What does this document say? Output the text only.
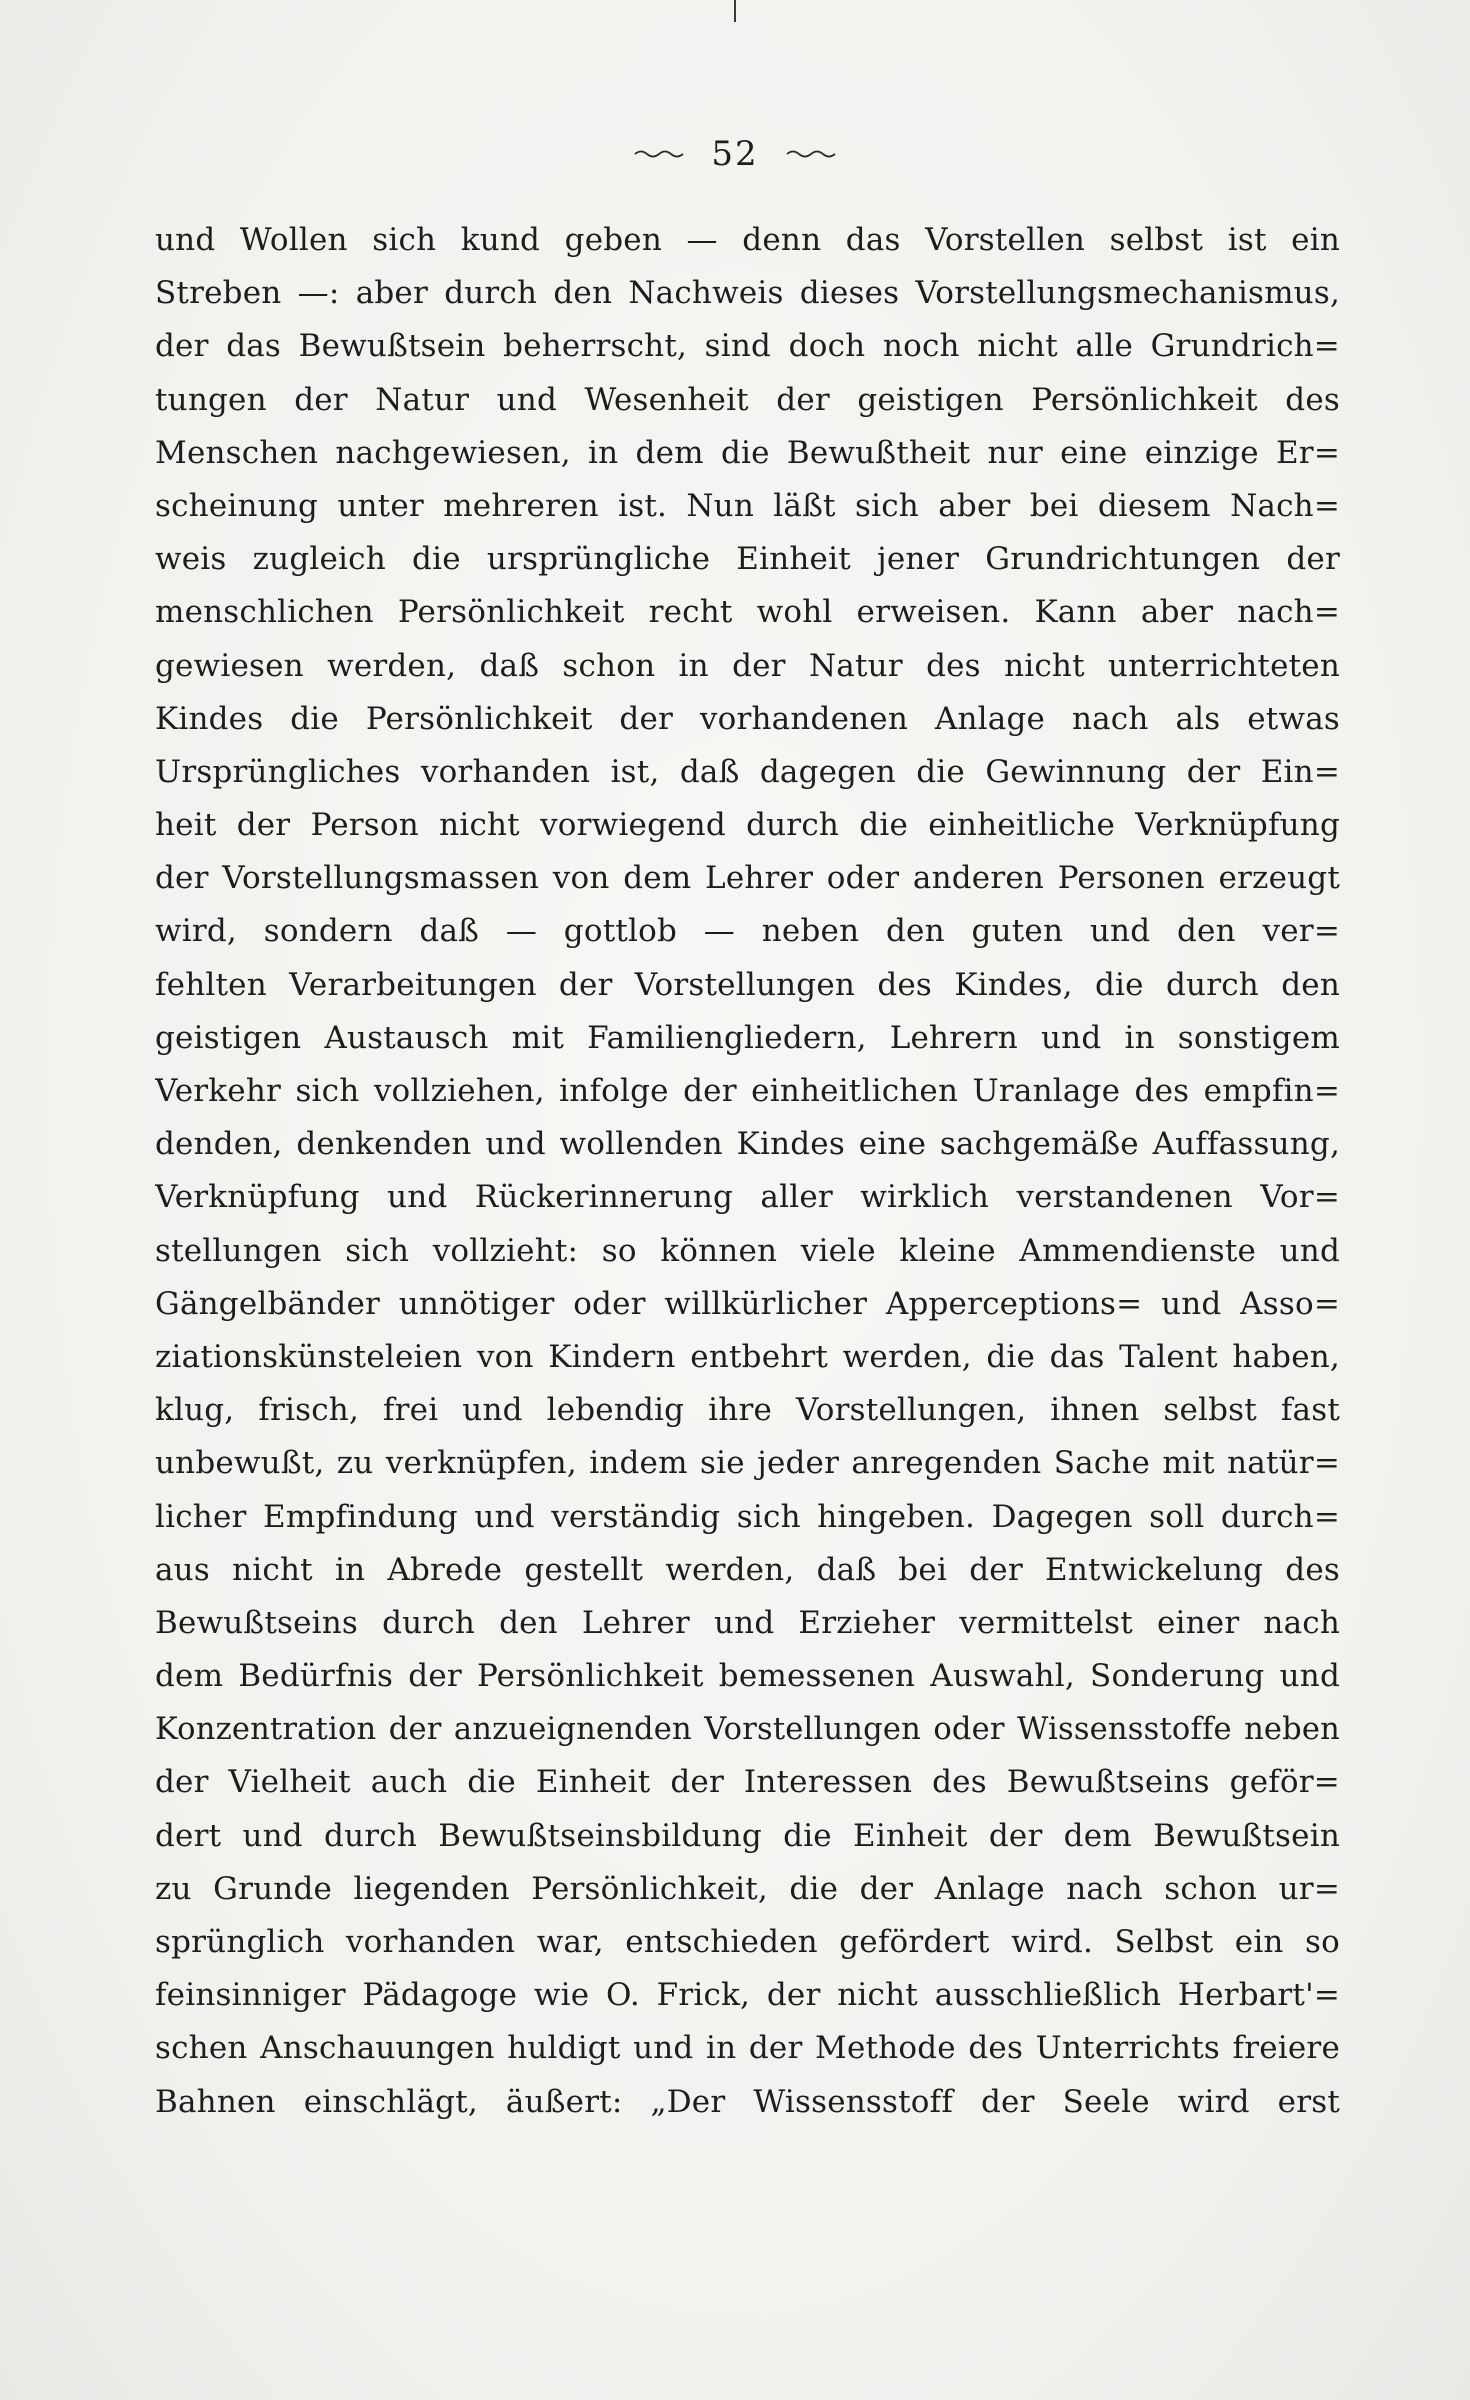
52
und Wollen sich kund geben — denn das Vorstellen selbst ist ein
Streben —: aber durch den Nachweis dieses Vorstellungsmechanismus,
der das Bewußtsein beherrscht, sind doch noch nicht alle Grundrich=
tungen der Natur und Wesenheit der geistigen Persönlichkeit des
Menschen nachgewiesen, in dem die Bewußtheit nur eine einzige Er=
scheinung unter mehreren ist. Nun läßt sich aber bei diesem Nach=
weis zugleich die ursprüngliche Einheit jener Grundrichtungen der
menschlichen Persönlichkeit recht wohl erweisen. Kann aber nach=
gewiesen werden, daß schon in der Natur des nicht unterrichteten
Kindes die Persönlichkeit der vorhandenen Anlage nach als etwas
Ursprüngliches vorhanden ist, daß dagegen die Gewinnung der Ein=
heit der Person nicht vorwiegend durch die einheitliche Verknüpfung
der Vorstellungsmassen von dem Lehrer oder anderen Personen erzeugt
wird, sondern daß — gottlob — neben den guten und den ver=
fehlten Verarbeitungen der Vorstellungen des Kindes, die durch den
geistigen Austausch mit Familiengliedern, Lehrern und in sonstigem
Verkehr sich vollziehen, infolge der einheitlichen Uranlage des empfin=
denden, denkenden und wollenden Kindes eine sachgemäße Auffassung,
Verknüpfung und Rückerinnerung aller wirklich verstandenen Vor=
stellungen sich vollzieht: so können viele kleine Ammendienste und
Gängelbänder unnötiger oder willkürlicher Apperceptions= und Asso=
ziationskünsteleien von Kindern entbehrt werden, die das Talent haben,
klug, frisch, frei und lebendig ihre Vorstellungen, ihnen selbst fast
unbewußt, zu verknüpfen, indem sie jeder anregenden Sache mit natür=
licher Empfindung und verständig sich hingeben. Dagegen soll durch=
aus nicht in Abrede gestellt werden, daß bei der Entwickelung des
Bewußtseins durch den Lehrer und Erzieher vermittelst einer nach
dem Bedürfnis der Persönlichkeit bemessenen Auswahl, Sonderung und
Konzentration der anzueignenden Vorstellungen oder Wissensstoffe neben
der Vielheit auch die Einheit der Interessen des Bewußtseins geför=
dert und durch Bewußtseinsbildung die Einheit der dem Bewußtsein
zu Grunde liegenden Persönlichkeit, die der Anlage nach schon ur=
sprünglich vorhanden war, entschieden gefördert wird. Selbst ein so
feinsinniger Pädagoge wie O. Frick, der nicht ausschließlich Herbart'=
schen Anschauungen huldigt und in der Methode des Unterrichts freiere
Bahnen einschlägt, äußert: „Der Wissensstoff der Seele wird erst
